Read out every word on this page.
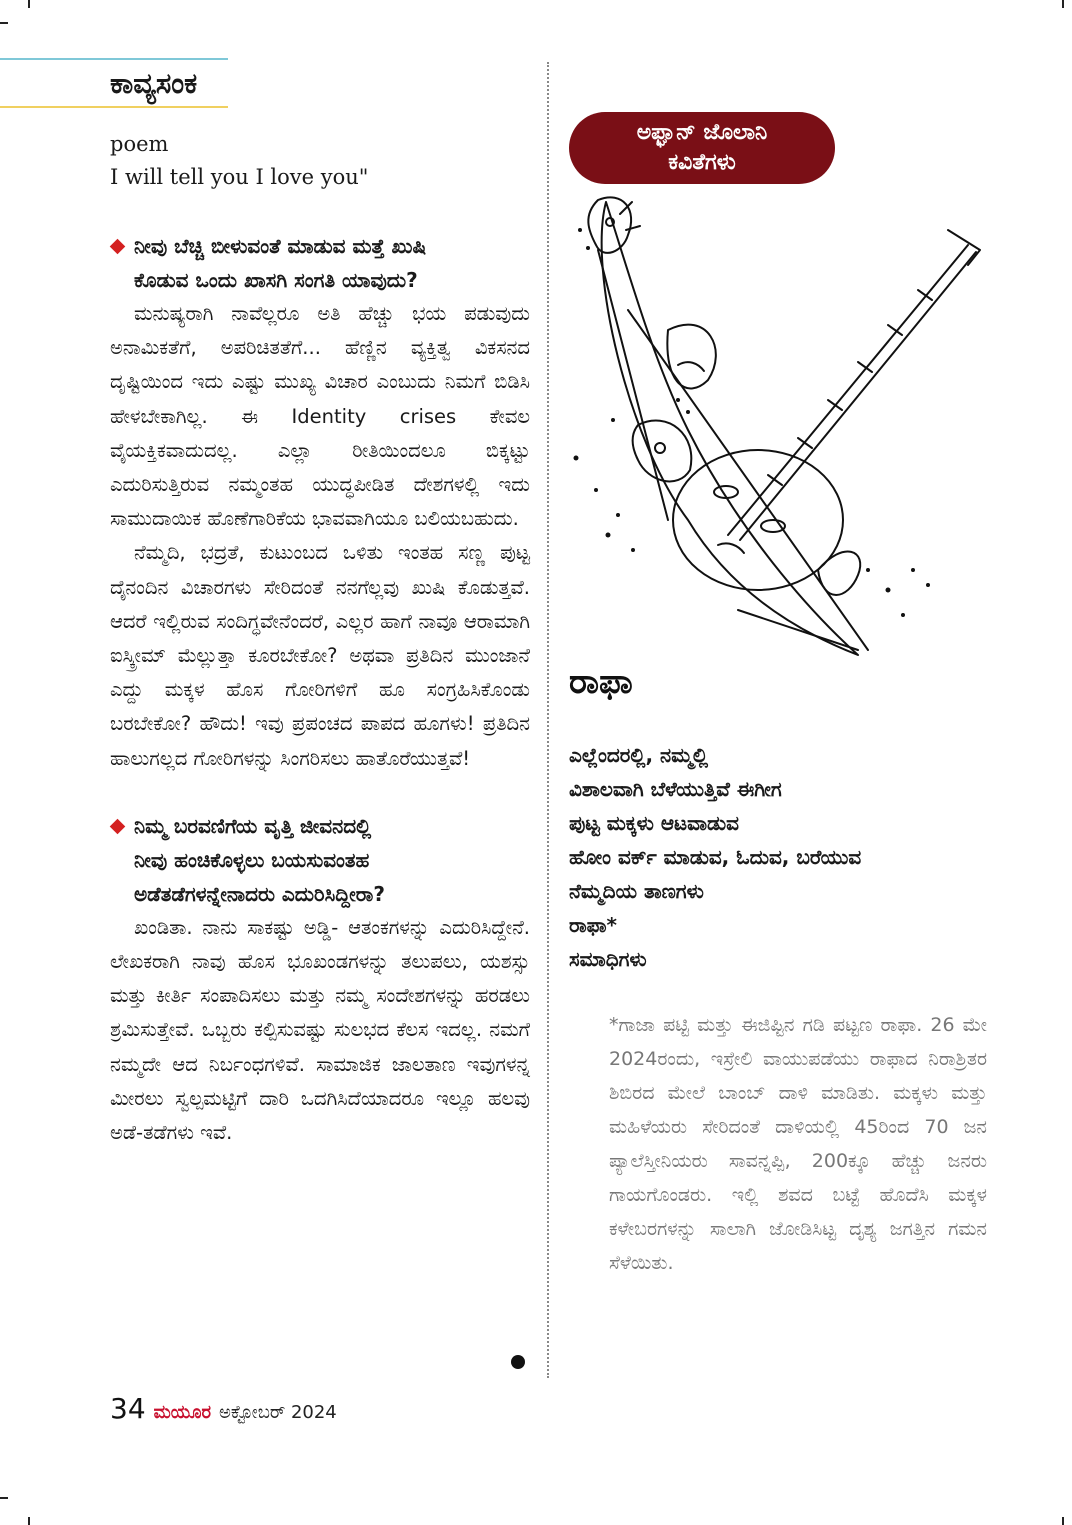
ಕಾವ್ಯಸಂಕ
poem
I will tell you I love you"
ನೀವು ಬೆಚ್ಚಿ ಬೀಳುವಂತೆ ಮಾಡುವ ಮತ್ತೆ ಖುಷಿ
ಕೊಡುವ ಒಂದು ಖಾಸಗಿ ಸಂಗತಿ ಯಾವುದು?

ಮನುಷ್ಯರಾಗಿ ನಾವೆಲ್ಲರೂ ಅತಿ ಹೆಚ್ಚು ಭಯ ಪಡುವುದು ಅನಾಮಿಕತೆಗೆ, ಅಪರಿಚಿತತೆಗೆ... ಹೆಣ್ಣಿನ ವ್ಯಕ್ತಿತ್ವ ವಿಕಸನದ ದೃಷ್ಟಿಯಿಂದ ಇದು ಎಷ್ಟು ಮುಖ್ಯ ವಿಚಾರ ಎಂಬುದು ನಿಮಗೆ ಬಿಡಿಸಿ ಹೇಳಬೇಕಾಗಿಲ್ಲ. ಈ Identity crises ಕೇವಲ ವೈಯಕ್ತಿಕವಾದುದಲ್ಲ. ಎಲ್ಲಾ ರೀತಿಯಿಂದಲೂ ಬಿಕ್ಕಟ್ಟು ಎದುರಿಸುತ್ತಿರುವ ನಮ್ಮಂತಹ ಯುದ್ಧಪೀಡಿತ ದೇಶಗಳಲ್ಲಿ ಇದು ಸಾಮುದಾಯಿಕ ಹೊಣೆಗಾರಿಕೆಯ ಭಾವವಾಗಿಯೂ ಬಲಿಯಬಹುದು.

ನೆಮ್ಮದಿ, ಭದ್ರತೆ, ಕುಟುಂಬದ ಒಳಿತು ಇಂತಹ ಸಣ್ಣ ಪುಟ್ಟ ದೈನಂದಿನ ವಿಚಾರಗಳು ಸೇರಿದಂತೆ ನನಗೆಲ್ಲವು ಖುಷಿ ಕೊಡುತ್ತವೆ. ಆದರೆ ಇಲ್ಲಿರುವ ಸಂದಿಗ್ಧವೇನೆಂದರೆ, ಎಲ್ಲರ ಹಾಗೆ ನಾವೂ ಆರಾಮಾಗಿ ಐಸ್ಕ್ರೀಮ್ ಮೆಲ್ಲುತ್ತಾ ಕೂರಬೇಕೋ? ಅಥವಾ ಪ್ರತಿದಿನ ಮುಂಜಾನೆ ಎದ್ದು ಮಕ್ಕಳ ಹೊಸ ಗೋರಿಗಳಿಗೆ ಹೂ ಸಂಗ್ರಹಿಸಿಕೊಂಡು ಬರಬೇಕೋ? ಹೌದು! ಇವು ಪ್ರಪಂಚದ ಪಾಪದ ಹೂಗಳು! ಪ್ರತಿದಿನ ಹಾಲುಗಲ್ಲದ ಗೋರಿಗಳನ್ನು ಸಿಂಗರಿಸಲು ಹಾತೊರೆಯುತ್ತವೆ!

ನಿಮ್ಮ ಬರವಣಿಗೆಯ ವೃತ್ತಿ ಜೀವನದಲ್ಲಿ
ನೀವು ಹಂಚಿಕೊಳ್ಳಲು ಬಯಸುವಂತಹ
ಅಡೆತಡೆಗಳನ್ನೇನಾದರು ಎದುರಿಸಿದ್ದೀರಾ?

ಖಂಡಿತಾ. ನಾನು ಸಾಕಷ್ಟು ಅಡ್ಡಿ- ಆತಂಕಗಳನ್ನು ಎದುರಿಸಿದ್ದೇನೆ. ಲೇಖಕರಾಗಿ ನಾವು ಹೊಸ ಭೂಖಂಡಗಳನ್ನು ತಲುಪಲು, ಯಶಸ್ಸು ಮತ್ತು ಕೀರ್ತಿ ಸಂಪಾದಿಸಲು ಮತ್ತು ನಮ್ಮ ಸಂದೇಶಗಳನ್ನು ಹರಡಲು ಶ್ರಮಿಸುತ್ತೇವೆ. ಒಬ್ಬರು ಕಲ್ಪಿಸುವಷ್ಟು ಸುಲಭದ ಕೆಲಸ ಇದಲ್ಲ. ನಮಗೆ ನಮ್ಮದೇ ಆದ ನಿರ್ಬಂಧಗಳಿವೆ. ಸಾಮಾಜಿಕ ಜಾಲತಾಣ ಇವುಗಳನ್ನ ಮೀರಲು ಸ್ವಲ್ಪಮಟ್ಟಿಗೆ ದಾರಿ ಒದಗಿಸಿದೆಯಾದರೂ ಇಲ್ಲೂ ಹಲವು ಅಡೆ-ತಡೆಗಳು ಇವೆ.

34 ಮಯೂರ ಅಕ್ಟೋಬರ್ 2024
ಅಫ್ಘಾನ್ ಜೊಲಾನಿ
ಕವಿತೆಗಳು
ರಾಫಾ
ಎಲ್ಲೆಂದರಲ್ಲಿ, ನಮ್ಮಲ್ಲಿ
ವಿಶಾಲವಾಗಿ ಬೆಳೆಯುತ್ತಿವೆ ಈಗೀಗ
ಪುಟ್ಟ ಮಕ್ಕಳು ಆಟವಾಡುವ
ಹೋಂ ವರ್ಕ್ ಮಾಡುವ, ಓದುವ, ಬರೆಯುವ
ನೆಮ್ಮದಿಯ ತಾಣಗಳು
ರಾಫಾ*
ಸಮಾಧಿಗಳು
*ಗಾಜಾ ಪಟ್ಟಿ ಮತ್ತು ಈಜಿಪ್ಟಿನ ಗಡಿ ಪಟ್ಟಣ ರಾಫಾ. 26 ಮೇ 2024ರಂದು, ಇಸ್ರೇಲಿ ವಾಯುಪಡೆಯು ರಾಫಾದ ನಿರಾಶ್ರಿತರ ಶಿಬಿರದ ಮೇಲೆ ಬಾಂಬ್ ದಾಳಿ ಮಾಡಿತು. ಮಕ್ಕಳು ಮತ್ತು ಮಹಿಳೆಯರು ಸೇರಿದಂತೆ ದಾಳಿಯಲ್ಲಿ 45ರಿಂದ 70 ಜನ ಪ್ಯಾಲೆಸ್ತೀನಿಯರು ಸಾವನ್ನಪ್ಪಿ, 200ಕ್ಕೂ ಹೆಚ್ಚು ಜನರು ಗಾಯಗೊಂಡರು. ಇಲ್ಲಿ ಶವದ ಬಟ್ಟೆ ಹೊದೆಸಿ ಮಕ್ಕಳ ಕಳೇಬರಗಳನ್ನು ಸಾಲಾಗಿ ಜೋಡಿಸಿಟ್ಟ ದೃಶ್ಯ ಜಗತ್ತಿನ ಗಮನ ಸೆಳೆಯಿತು.
